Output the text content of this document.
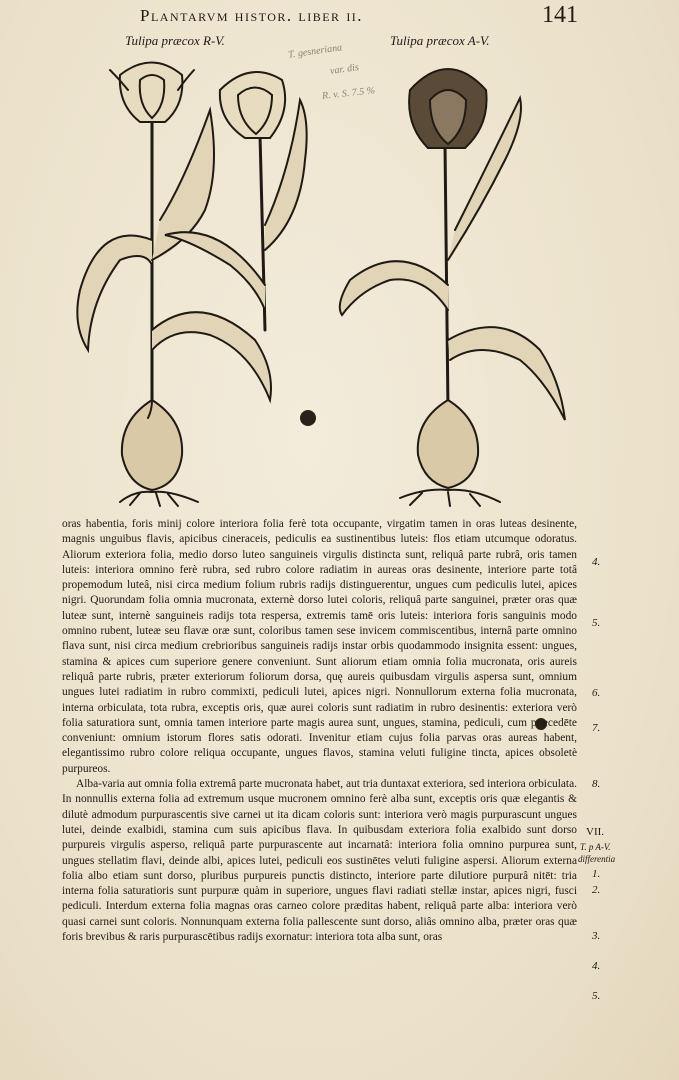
Plantarvm histor. liber ii.	141
Tulipa præcox R-V.	Tulipa præcox A-V.
T. gesneriana
var. dis
R. v. S. 7.5 %

oras habentia, foris minij colore interiora folia ferè tota occupante, virgatim tamen in oras luteas desinente, magnis unguibus flavis, apicibus cineraceis, pediculis ea sustinentibus luteis: flos etiam utcumque odoratus. Aliorum exteriora folia, medio dorso luteo sanguineis virgulis distincta sunt, reliquâ parte rubrâ, oris tamen luteis: interiora omnino ferè rubra, sed rubro colore radiatim in aureas oras desinente, interiore parte totâ propemodum luteâ, nisi circa medium folium rubris radijs distinguerentur, ungues cum pediculis lutei, apices nigri. Quorundam folia omnia mucronata, externè dorso lutei coloris, reliquâ parte sanguinei, præter oras quæ luteæ sunt, internè sanguineis radijs tota respersa, extremis tamē oris luteis: interiora foris sanguinis modo omnino rubent, luteæ seu flavæ oræ sunt, coloribus tamen sese invicem commiscentibus, internâ parte omnino flava sunt, nisi circa medium crebrioribus sanguineis radijs instar orbis quodammodo insignita essent: ungues, stamina & apices cum superiore genere conveniunt. Sunt aliorum etiam omnia folia mucronata, oris aureis reliquâ parte rubris, præter exteriorum foliorum dorsa, quę aureis quibusdam virgulis aspersa sunt, omnium ungues lutei radiatim in rubro commixti, pediculi lutei, apices nigri. Nonnullorum externa folia mucronata, interna orbiculata, tota rubra, exceptis oris, quæ aurei coloris sunt radiatim in rubro desinentis: exteriora verò folia saturatiora sunt, omnia tamen interiore parte magis aurea sunt, ungues, stamina, pediculi, cum præcedēte conveniunt: omnium istorum flores satis odorati. Invenitur etiam cujus folia parvas oras aureas habent, elegantissimo rubro colore reliqua occupante, ungues flavos, stamina veluti fuligine tincta, apices obsoletè purpureos.

Alba-varia aut omnia folia extremâ parte mucronata habet, aut tria duntaxat exteriora, sed interiora orbiculata. In nonnullis externa folia ad extremum usque mucronem omnino ferè alba sunt, exceptis oris quæ elegantis & dilutè admodum purpurascentis sive carnei ut ita dicam coloris sunt: interiora verò magis purpurascunt ungues lutei, deinde exalbidi, stamina cum suis apicibus flava. In quibusdam exteriora folia exalbido sunt dorso purpureis virgulis asperso, reliquâ parte purpurascente aut incarnatâ: interiora folia omnino purpurea sunt, ungues stellatim flavi, deinde albi, apices lutei, pediculi eos sustinētes veluti fuligine aspersi. Aliorum externa folia albo etiam sunt dorso, pluribus purpureis punctis distincto, interiore parte dilutiore purpurâ nitēt: tria interna folia saturatioris sunt purpuræ quàm in superiore, ungues flavi radiati stellæ instar, apices nigri, fusci pediculi. Interdum externa folia magnas oras carneo colore præditas habent, reliquâ parte alba: interiora verò quasi carnei sunt coloris. Nonnunquam externa folia pallescente sunt dorso, aliâs omnino alba, præter oras quæ foris brevibus & raris purpurascētibus radijs exornatur: interiora tota alba sunt, oras

4.
5.
6.
7.
8.
VII.
T. p A-V.
differentia
1.
2.
3.
4.
5.
